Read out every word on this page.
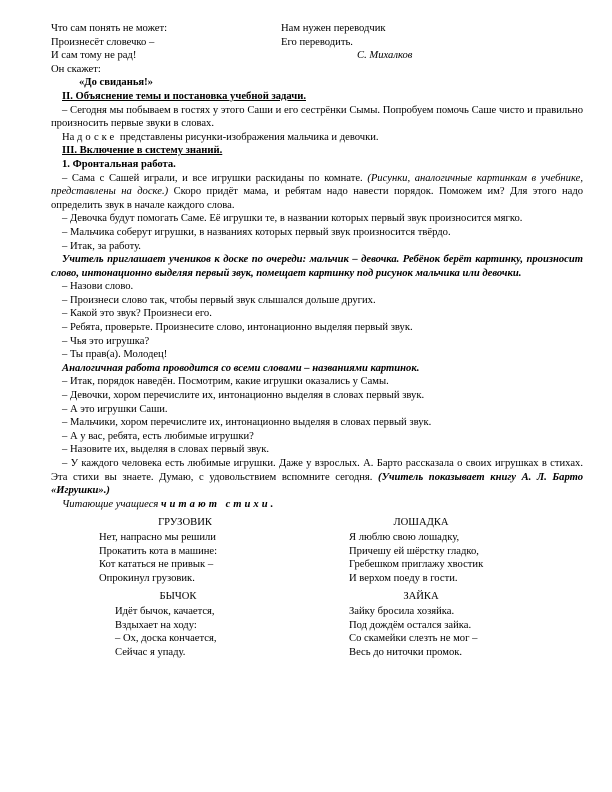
Что сам понять не может:

Произнесёт словечко –

И сам тому не рад!

Нам нужен переводчик

Его переводить.

С. Михалков

Он скажет:

«До свиданья!»

II. Объяснение темы и постановка учебной задачи.

– Сегодня мы побываем в гостях у этого Саши и его сестрёнки Сымы. Попробуем помочь Саше чисто и правильно произносить первые звуки в словах.

На доске представлены рисунки-изображения мальчика и девочки.

III. Включение в систему знаний.

1. Фронтальная работа.

– Сама с Сашей играли, и все игрушки раскиданы по комнате. (Рисунки, аналогичные картинкам в учебнике, представлены на доске.) Скоро придёт мама, и ребятам надо навести порядок. Поможем им? Для этого надо определить звук в начале каждого слова.

– Девочка будут помогать Саме. Её игрушки те, в названии которых первый звук произносится мягко.

– Мальчика соберут игрушки, в названиях которых первый звук произносится твёрдо.

– Итак, за работу.

Учитель приглашает учеников к доске по очереди: мальчик – девочка. Ребёнок берёт картинку, произносит слово, интонационно выделяя первый звук, помещает картинку под рисунок мальчика или девочки.

– Назови слово.

– Произнеси слово так, чтобы первый звук слышался дольше других.

– Какой это звук? Произнеси его.

– Ребята, проверьте. Произнесите слово, интонационно выделяя первый звук.

– Чья это игрушка?

– Ты прав(а). Молодец!

Аналогичная работа проводится со всеми словами – названиями картинок.

– Итак, порядок наведён. Посмотрим, какие игрушки оказались у Самы.

– Девочки, хором перечислите их, интонационно выделяя в словах первый звук.

– А это игрушки Саши.

– Мальчики, хором перечислите их, интонационно выделяя в словах первый звук.

– А у вас, ребята, есть любимые игрушки?

– Назовите их, выделяя в словах первый звук.

– У каждого человека есть любимые игрушки. Даже у взрослых. А. Барто рассказала о своих игрушках в стихах. Эта стихи вы знаете. Думаю, с удовольствием вспомните сегодня. (Учитель показывает книгу А. Л. Барто «Игрушки».)

Читающие учащиеся читают стихи.

ГРУЗОВИК

Нет, напрасно мы решили

Прокатить кота в машине:

Кот кататься не привык –

Опрокинул грузовик.

ЛОШАДКА

Я люблю свою лошадку,

Причешу ей шёрстку гладко,

Гребешком приглажу хвостик

И верхом поеду в гости.

БЫЧОК

Идёт бычок, качается,

Вздыхает на ходу:

– Ох, доска кончается,

Сейчас я упаду.

ЗАЙКА

Зайку бросила хозяйка.

Под дождём остался зайка.

Со скамейки слезть не мог –

Весь до ниточки промок.
